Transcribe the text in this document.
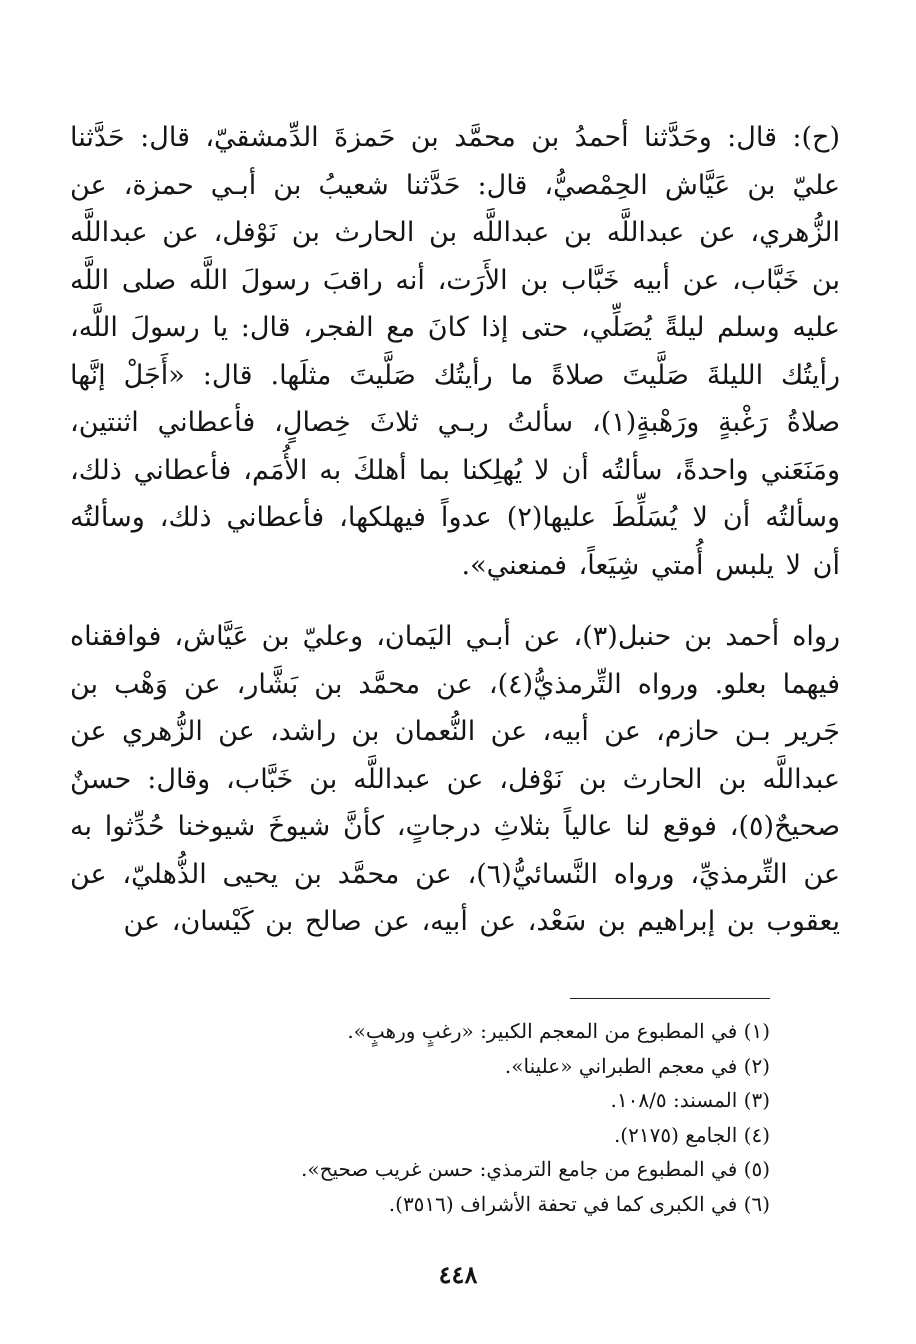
(ح): قال: وحَدَّثنا أحمدُ بن محمَّد بن حَمزةَ الدِّمشقيّ، قال: حَدَّثنا عليّ بن عَيَّاش الحِمْصيُّ، قال: حَدَّثنا شعيبُ بن أبـي حمزة، عن الزُّهري، عن عبداللَّه بن عبداللَّه بن الحارث بن نَوْفل، عن عبداللَّه بن خَبَّاب، عن أبيه خَبَّاب بن الأَرَت، أنه راقبَ رسولَ اللَّه صلى اللَّه عليه وسلم ليلةً يُصَلِّي، حتى إذا كانَ مع الفجر، قال: يا رسولَ اللَّه، رأيتُك الليلةَ صَلَّيتَ صلاةً ما رأيتُك صَلَّيتَ مثلَها. قال: «أَجَلْ إنَّها صلاةُ رَغْبةٍ ورَهْبةٍ(١)، سألتُ ربـي ثلاثَ خِصالٍ، فأعطاني اثنتين، ومَنَعَني واحدةً، سألتُه أن لا يُهلِكنا بما أهلكَ به الأُمَم، فأعطاني ذلك، وسألتُه أن لا يُسَلِّطَ عليها(٢) عدواً فيهلكها، فأعطاني ذلك، وسألتُه أن لا يلبس أُمتي شِيَعاً، فمنعني».

رواه أحمد بن حنبل(٣)، عن أبـي اليَمان، وعليّ بن عَيَّاش، فوافقناه فيهما بعلو. ورواه التِّرمذيُّ(٤)، عن محمَّد بن بَشَّار، عن وَهْب بن جَرير بـن حازم، عن أبيه، عن النُّعمان بن راشد، عن الزُّهري عن عبداللَّه بن الحارث بن نَوْفل، عن عبداللَّه بن خَبَّاب، وقال: حسنٌ صحيحٌ(٥)، فوقع لنا عالياً بثلاثِ درجاتٍ، كأنَّ شيوخَ شيوخنا حُدِّثوا به عن التِّرمذيِّ، ورواه النَّسائيُّ(٦)، عن محمَّد بن يحيى الذُّهليّ، عن يعقوب بن إبراهيم بن سَعْد، عن أبيه، عن صالح بن كَيْسان، عن

(١) في المطبوع من المعجم الكبير: «رغبٍ ورهبٍ».
(٢) في معجم الطبراني «علينا».
(٣) المسند: ١٠٨/٥.
(٤) الجامع (٢١٧٥).
(٥) في المطبوع من جامع الترمذي: حسن غريب صحيح».
(٦) في الكبرى كما في تحفة الأشراف (٣٥١٦).
٤٤٨
